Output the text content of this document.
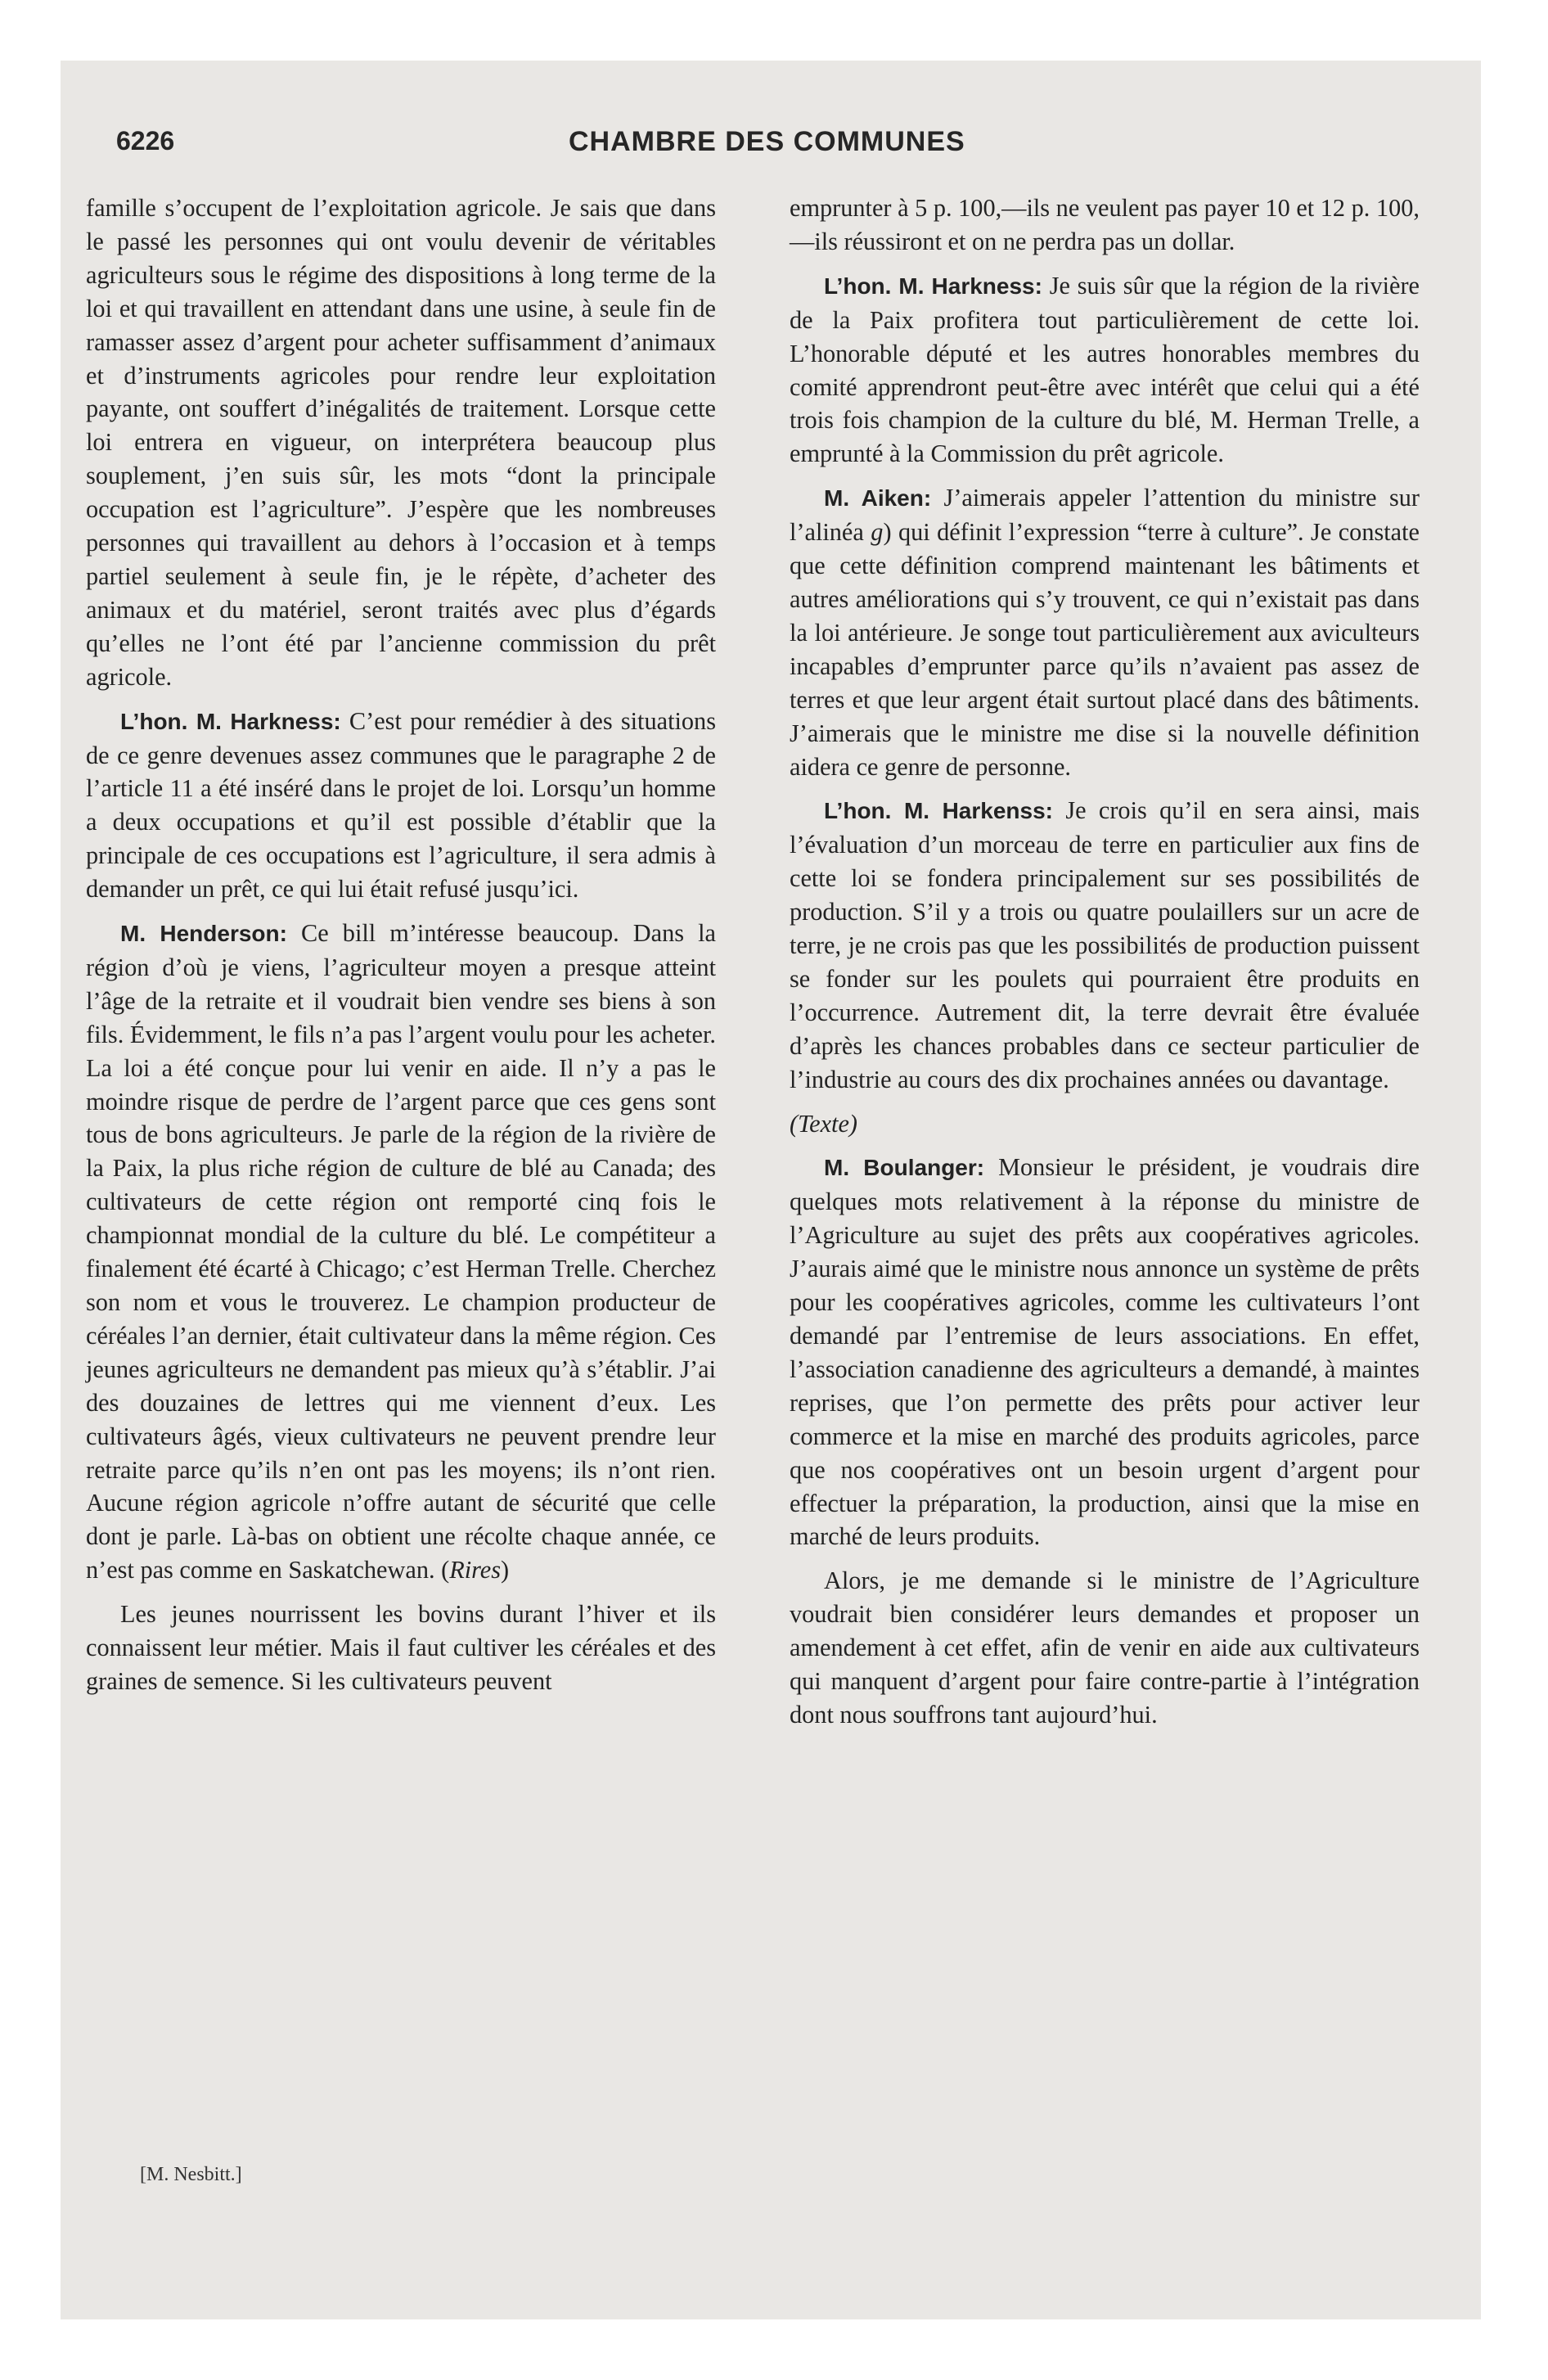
6226	CHAMBRE DES COMMUNES

famille s’occupent de l’exploitation agricole. Je sais que dans le passé les personnes qui ont voulu devenir de véritables agriculteurs sous le régime des dispositions à long terme de la loi et qui travaillent en attendant dans une usine, à seule fin de ramasser assez d’argent pour acheter suffisamment d’animaux et d’instruments agricoles pour rendre leur exploitation payante, ont souffert d’inégalités de traitement. Lorsque cette loi entrera en vigueur, on interprétera beaucoup plus souplement, j’en suis sûr, les mots “dont la principale occupation est l’agriculture”. J’espère que les nombreuses personnes qui travaillent au dehors à l’occasion et à temps partiel seulement à seule fin, je le répète, d’acheter des animaux et du matériel, seront traités avec plus d’égards qu’elles ne l’ont été par l’ancienne commission du prêt agricole.

L’hon. M. Harkness: C’est pour remédier à des situations de ce genre devenues assez communes que le paragraphe 2 de l’article 11 a été inséré dans le projet de loi. Lorsqu’un homme a deux occupations et qu’il est possible d’établir que la principale de ces occupations est l’agriculture, il sera admis à demander un prêt, ce qui lui était refusé jusqu’ici.

M. Henderson: Ce bill m’intéresse beaucoup. Dans la région d’où je viens, l’agriculteur moyen a presque atteint l’âge de la retraite et il voudrait bien vendre ses biens à son fils. Évidemment, le fils n’a pas l’argent voulu pour les acheter. La loi a été conçue pour lui venir en aide. Il n’y a pas le moindre risque de perdre de l’argent parce que ces gens sont tous de bons agriculteurs. Je parle de la région de la rivière de la Paix, la plus riche région de culture de blé au Canada; des cultivateurs de cette région ont remporté cinq fois le championnat mondial de la culture du blé. Le compétiteur a finalement été écarté à Chicago; c’est Herman Trelle. Cherchez son nom et vous le trouverez. Le champion producteur de céréales l’an dernier, était cultivateur dans la même région. Ces jeunes agriculteurs ne demandent pas mieux qu’à s’établir. J’ai des douzaines de lettres qui me viennent d’eux. Les cultivateurs âgés, vieux cultivateurs ne peuvent prendre leur retraite parce qu’ils n’en ont pas les moyens; ils n’ont rien. Aucune région agricole n’offre autant de sécurité que celle dont je parle. Là-bas on obtient une récolte chaque année, ce n’est pas comme en Saskatchewan. (Rires)

Les jeunes nourrissent les bovins durant l’hiver et ils connaissent leur métier. Mais il faut cultiver les céréales et des graines de semence. Si les cultivateurs peuvent

emprunter à 5 p. 100,—ils ne veulent pas payer 10 et 12 p. 100,—ils réussiront et on ne perdra pas un dollar.

L’hon. M. Harkness: Je suis sûr que la région de la rivière de la Paix profitera tout particulièrement de cette loi. L’honorable député et les autres honorables membres du comité apprendront peut-être avec intérêt que celui qui a été trois fois champion de la culture du blé, M. Herman Trelle, a emprunté à la Commission du prêt agricole.

M. Aiken: J’aimerais appeler l’attention du ministre sur l’alinéa g) qui définit l’expression “terre à culture”. Je constate que cette définition comprend maintenant les bâtiments et autres améliorations qui s’y trouvent, ce qui n’existait pas dans la loi antérieure. Je songe tout particulièrement aux aviculteurs incapables d’emprunter parce qu’ils n’avaient pas assez de terres et que leur argent était surtout placé dans des bâtiments. J’aimerais que le ministre me dise si la nouvelle définition aidera ce genre de personne.

L’hon. M. Harkenss: Je crois qu’il en sera ainsi, mais l’évaluation d’un morceau de terre en particulier aux fins de cette loi se fondera principalement sur ses possibilités de production. S’il y a trois ou quatre poulaillers sur un acre de terre, je ne crois pas que les possibilités de production puissent se fonder sur les poulets qui pourraient être produits en l’occurrence. Autrement dit, la terre devrait être évaluée d’après les chances probables dans ce secteur particulier de l’industrie au cours des dix prochaines années ou davantage.

(Texte)

M. Boulanger: Monsieur le président, je voudrais dire quelques mots relativement à la réponse du ministre de l’Agriculture au sujet des prêts aux coopératives agricoles. J’aurais aimé que le ministre nous annonce un système de prêts pour les coopératives agricoles, comme les cultivateurs l’ont demandé par l’entremise de leurs associations. En effet, l’association canadienne des agriculteurs a demandé, à maintes reprises, que l’on permette des prêts pour activer leur commerce et la mise en marché des produits agricoles, parce que nos coopératives ont un besoin urgent d’argent pour effectuer la préparation, la production, ainsi que la mise en marché de leurs produits.

Alors, je me demande si le ministre de l’Agriculture voudrait bien considérer leurs demandes et proposer un amendement à cet effet, afin de venir en aide aux cultivateurs qui manquent d’argent pour faire contre-partie à l’intégration dont nous souffrons tant aujourd’hui.

[M. Nesbitt.]
